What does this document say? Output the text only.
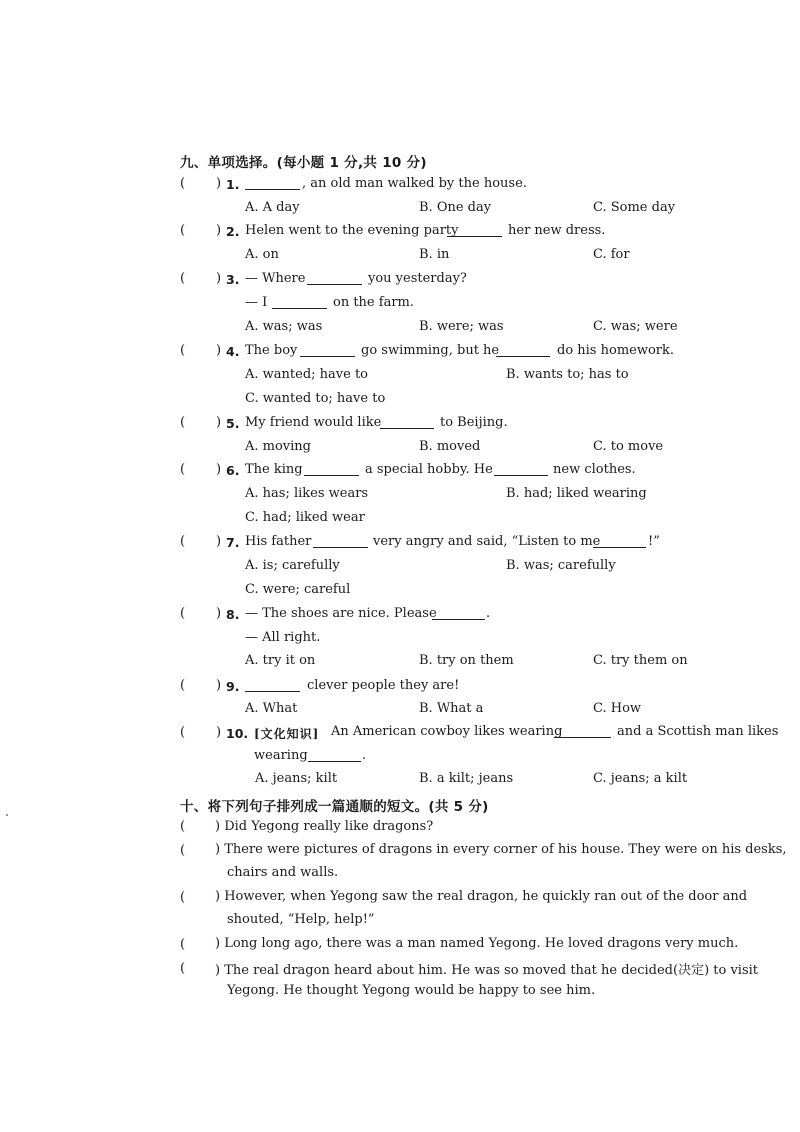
九、单项选择。(每小题 1 分,共 10 分)
( ) 1.	, an old man walked by the house.
A. A day	B. One day	C. Some day
( ) 2. Helen went to the evening party	her new dress.
A. on	B. in	C. for
( ) 3. — Where	you yesterday?
— I	on the farm.
A. was; was	B. were; was	C. was; were
( ) 4. The boy	go swimming, but he	do his homework.
A. wanted; have to	B. wants to; has to
C. wanted to; have to
( ) 5. My friend would like	to Beijing.
A. moving	B. moved	C. to move
( ) 6. The king	a special hobby. He	new clothes.
A. has; likes wears	B. had; liked wearing
C. had; liked wear
( ) 7. His father	very angry and said, “Listen to me	!”
A. is; carefully	B. was; carefully
C. were; careful
( ) 8. — The shoes are nice. Please	.
— All right.
A. try it on	B. try on them	C. try them on
( ) 9.	clever people they are!
A. What	B. What a	C. How
( ) 10. [文化知识] An American cowboy likes wearing	and a Scottish man likes
wearing	.
A. jeans; kilt	B. a kilt; jeans	C. jeans; a kilt
十、将下列句子排列成一篇通顺的短文。(共 5 分)
( ) Did Yegong really like dragons?
( ) There were pictures of dragons in every corner of his house. They were on his desks,
chairs and walls.
( ) However, when Yegong saw the real dragon, he quickly ran out of the door and
shouted, “Help, help!”
( ) Long long ago, there was a man named Yegong. He loved dragons very much.
( ) The real dragon heard about him. He was so moved that he decided(决定) to visit
Yegong. He thought Yegong would be happy to see him.
